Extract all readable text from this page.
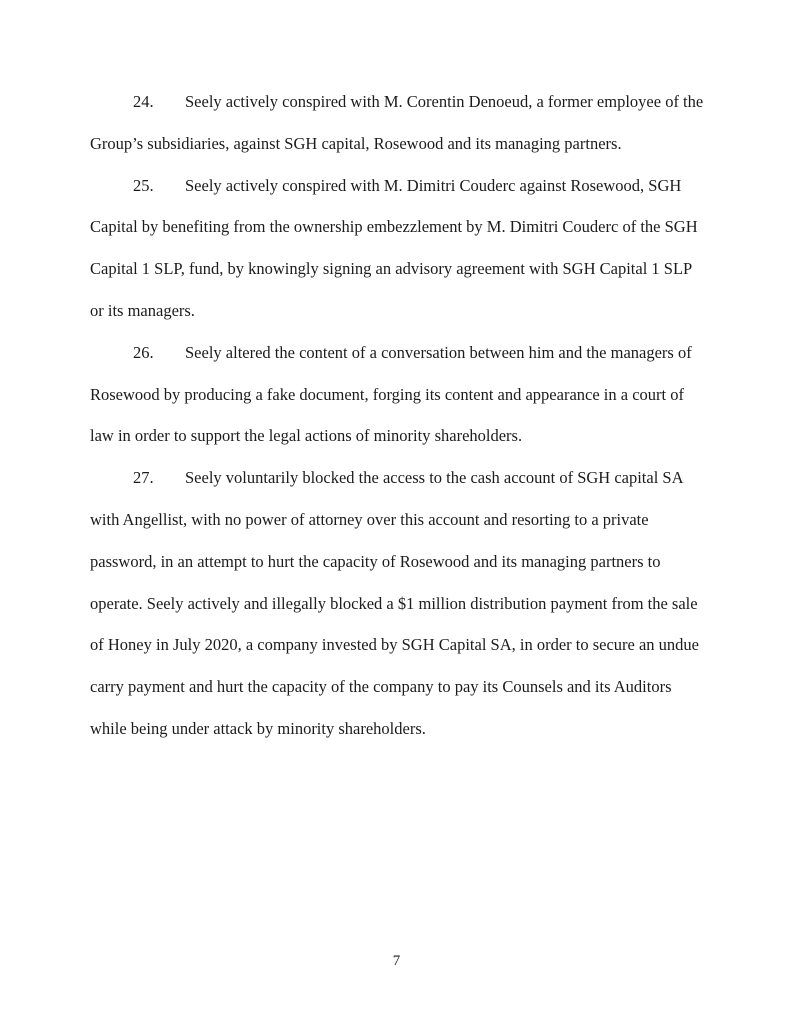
24. Seely actively conspired with M. Corentin Denoeud, a former employee of the Group’s subsidiaries, against SGH capital, Rosewood and its managing partners.

25. Seely actively conspired with M. Dimitri Couderc against Rosewood, SGH Capital by benefiting from the ownership embezzlement by M. Dimitri Couderc of the SGH Capital 1 SLP, fund, by knowingly signing an advisory agreement with SGH Capital 1 SLP or its managers.

26. Seely altered the content of a conversation between him and the managers of Rosewood by producing a fake document, forging its content and appearance in a court of law in order to support the legal actions of minority shareholders.

27. Seely voluntarily blocked the access to the cash account of SGH capital SA with Angellist, with no power of attorney over this account and resorting to a private password, in an attempt to hurt the capacity of Rosewood and its managing partners to operate. Seely actively and illegally blocked a $1 million distribution payment from the sale of Honey in July 2020, a company invested by SGH Capital SA, in order to secure an undue carry payment and hurt the capacity of the company to pay its Counsels and its Auditors while being under attack by minority shareholders.

7
